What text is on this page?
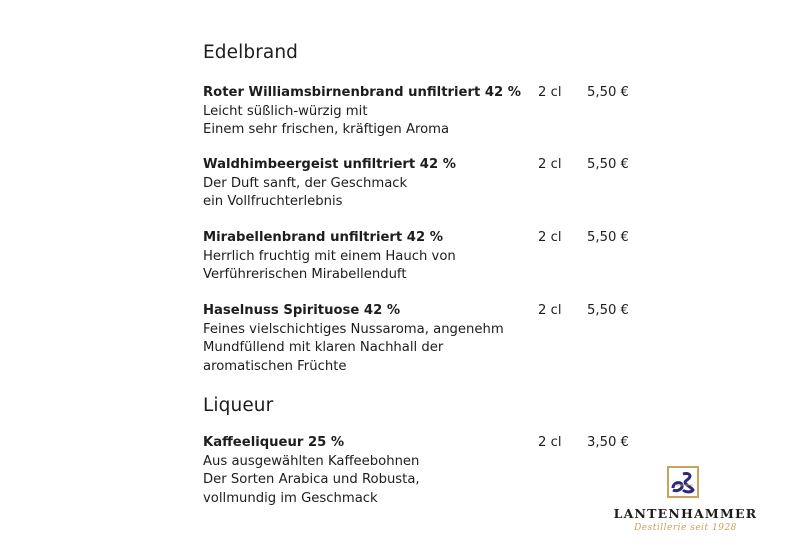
Edelbrand
Roter Williamsbirnenbrand unfiltriert 42 %
Leicht süßlich-würzig mit
Einem sehr frischen, kräftigen Aroma
2 cl 5,50 €
Waldhimbeergeist unfiltriert 42 %
Der Duft sanft, der Geschmack
ein Vollfruchterlebnis
2 cl 5,50 €
Mirabellenbrand unfiltriert 42 %
Herrlich fruchtig mit einem Hauch von
Verführerischen Mirabellenduft
2 cl 5,50 €
Haselnuss Spirituose 42 %
Feines vielschichtiges Nussaroma, angenehm
Mundfüllend mit klaren Nachhall der
aromatischen Früchte
2 cl 5,50 €
Liqueur
Kaffeeliqueur 25 %
Aus ausgewählten Kaffeebohnen
Der Sorten Arabica und Robusta,
vollmundig im Geschmack
2 cl 3,50 €
LANTENHAMMER
Destillerie seit 1928
